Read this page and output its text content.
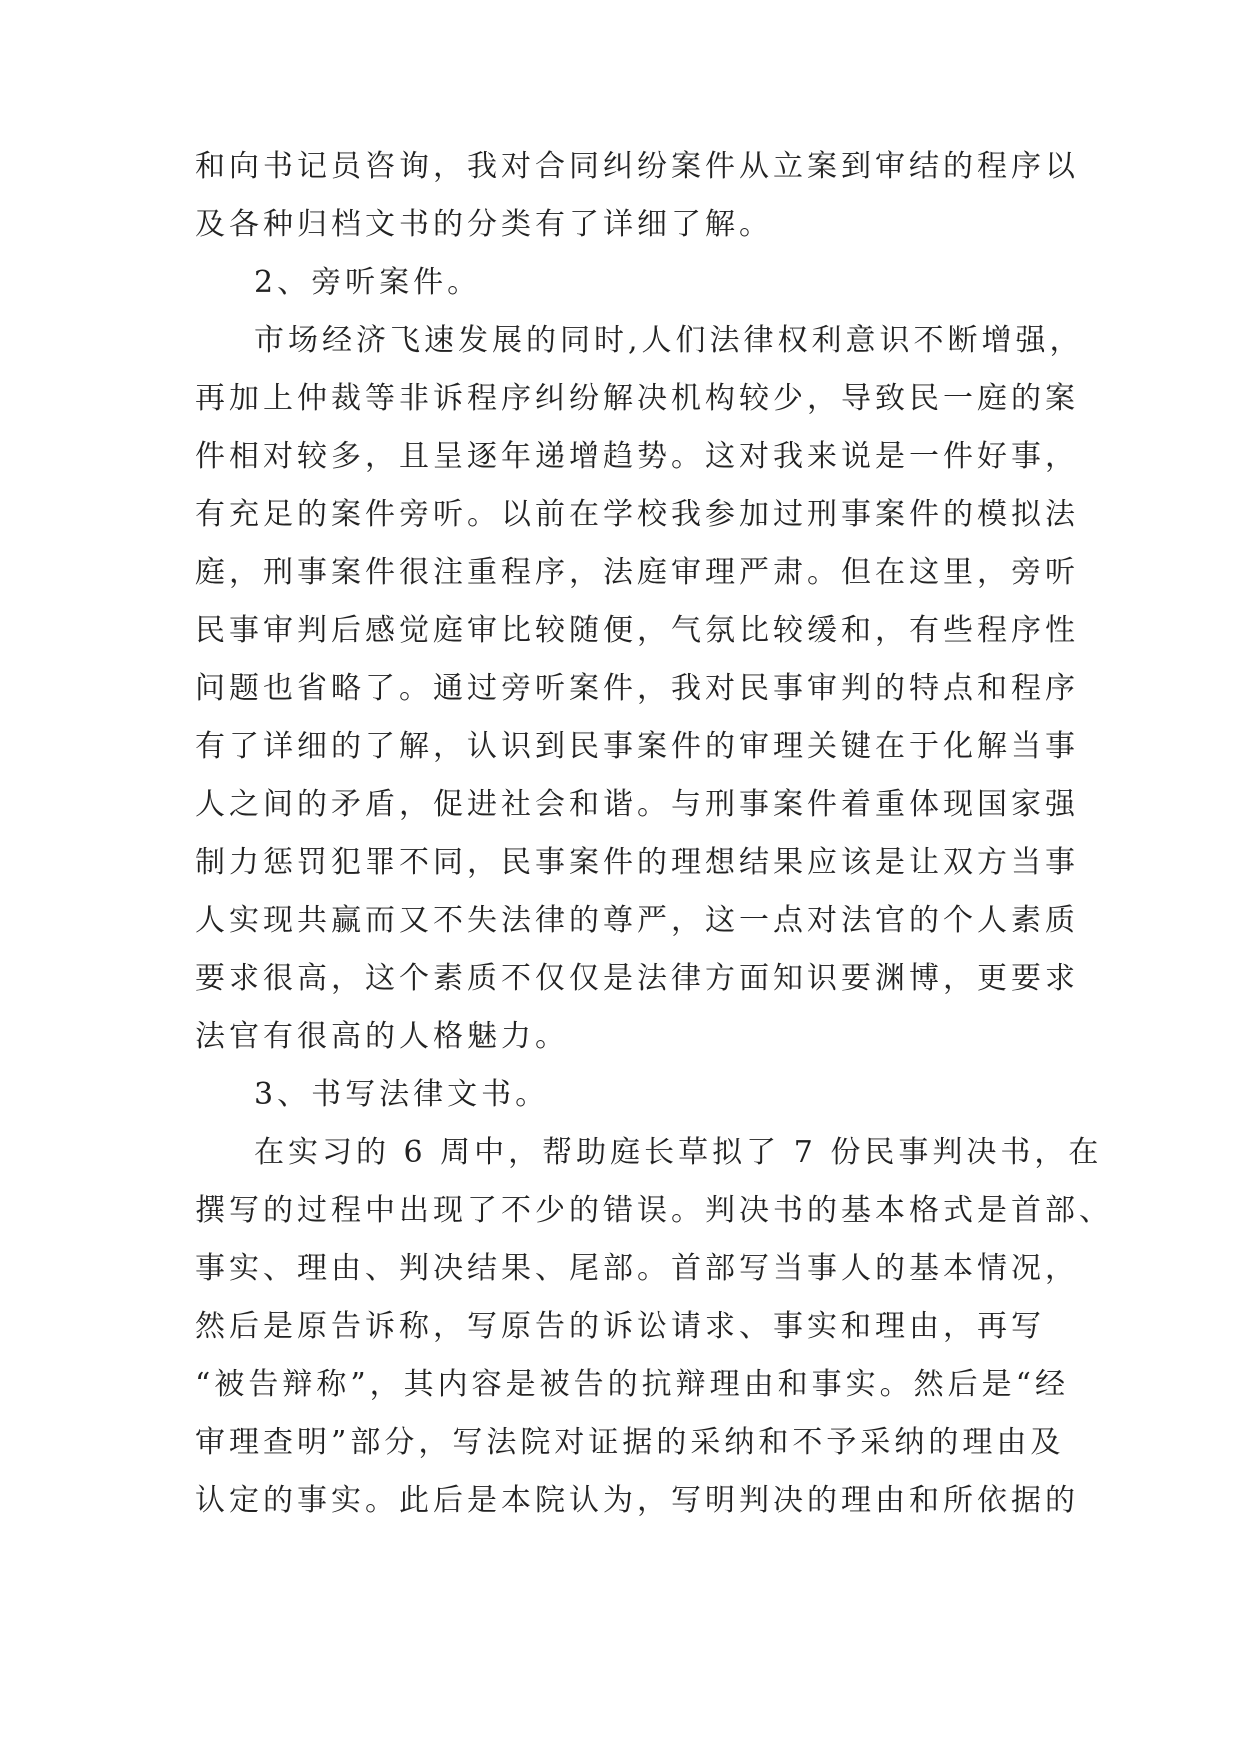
和向书记员咨询，我对合同纠纷案件从立案到审结的程序以
及各种归档文书的分类有了详细了解。
2、旁听案件。
市场经济飞速发展的同时,人们法律权利意识不断增强，
再加上仲裁等非诉程序纠纷解决机构较少，导致民一庭的案
件相对较多，且呈逐年递增趋势。这对我来说是一件好事，
有充足的案件旁听。以前在学校我参加过刑事案件的模拟法
庭，刑事案件很注重程序，法庭审理严肃。但在这里，旁听
民事审判后感觉庭审比较随便，气氛比较缓和，有些程序性
问题也省略了。通过旁听案件，我对民事审判的特点和程序
有了详细的了解，认识到民事案件的审理关键在于化解当事
人之间的矛盾，促进社会和谐。与刑事案件着重体现国家强
制力惩罚犯罪不同，民事案件的理想结果应该是让双方当事
人实现共赢而又不失法律的尊严，这一点对法官的个人素质
要求很高，这个素质不仅仅是法律方面知识要渊博，更要求
法官有很高的人格魅力。
3、书写法律文书。
在实习的 6 周中，帮助庭长草拟了 7 份民事判决书，在
撰写的过程中出现了不少的错误。判决书的基本格式是首部、
事实、理由、判决结果、尾部。首部写当事人的基本情况，
然后是原告诉称，写原告的诉讼请求、事实和理由，再写
“被告辩称”，其内容是被告的抗辩理由和事实。然后是“经
审理查明”部分，写法院对证据的采纳和不予采纳的理由及
认定的事实。此后是本院认为，写明判决的理由和所依据的
